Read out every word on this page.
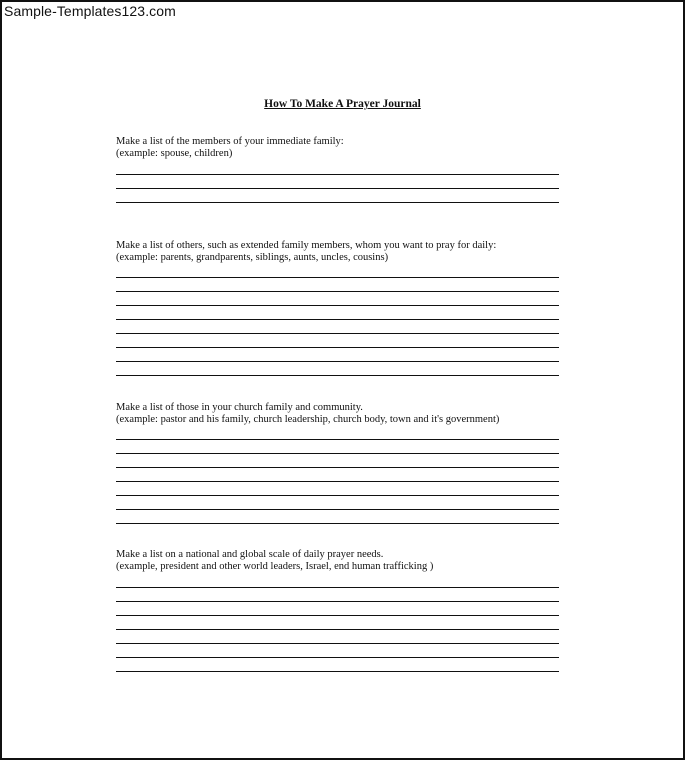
Sample-Templates123.com
How To Make A Prayer Journal
Make a list of the members of your immediate family:
(example: spouse, children)
Make a list of others, such as extended family members, whom you want to pray for daily:
(example: parents, grandparents, siblings, aunts, uncles, cousins)
Make a list of those in your church family and community.
(example: pastor and his family, church leadership, church body, town and it's government)
Make a list on a national and global scale of daily prayer needs.
(example, president and other world leaders, Israel, end human trafficking )
